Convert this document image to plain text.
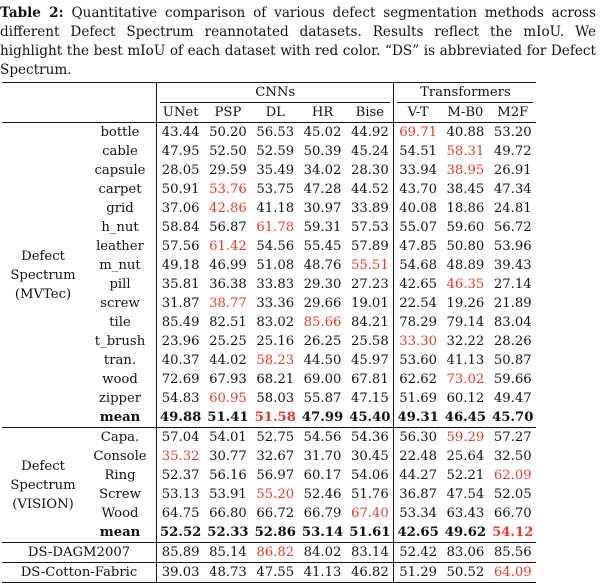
Table 2: Quantitative comparison of various defect segmentation methods across different Defect Spectrum reannotated datasets. Results reflect the mIoU. We highlight the best mIoU of each dataset with red color. “DS” is abbreviated for Defect Spectrum.

		CNNs					Transformers		

		UNet	PSP	DL	HR	Bise	V-T	M-B0	M2F

Defect
Spectrum
(MVTec)	bottle	43.44	50.20	56.53	45.02	44.92	69.71	40.88	53.20
	cable	47.95	52.50	52.59	50.39	45.24	54.51	58.31	49.72
	capsule	28.05	29.59	35.49	34.02	28.30	33.94	38.95	26.91
	carpet	50.91	53.76	53.75	47.28	44.52	43.70	38.45	47.34
	grid	37.06	42.86	41.18	30.97	33.89	40.08	18.86	24.81
	h_nut	58.84	56.87	61.78	59.31	57.53	55.07	59.60	56.72
	leather	57.56	61.42	54.56	55.45	57.89	47.85	50.80	53.96
	m_nut	49.18	46.99	51.08	48.76	55.51	54.68	48.89	39.43
	pill	35.81	36.38	33.83	29.30	27.23	42.65	46.35	27.14
	screw	31.87	38.77	33.36	29.66	19.01	22.54	19.26	21.89
	tile	85.49	82.51	83.02	85.66	84.21	78.29	79.14	83.04
	t_brush	23.96	25.25	25.16	26.25	25.58	33.30	32.22	28.26
	tran.	40.37	44.02	58.23	44.50	45.97	53.60	41.13	50.87
	wood	72.69	67.93	68.21	69.00	67.81	62.62	73.02	59.66
	zipper	54.83	60.95	58.03	55.87	47.15	51.69	60.12	49.47
	mean	49.88	51.41	51.58	47.99	45.40	49.31	46.45	45.70

Defect
Spectrum
(VISION)	Capa.	57.04	54.01	52.75	54.56	54.36	56.30	59.29	57.27
	Console	35.32	30.77	32.67	31.70	30.45	22.48	25.64	32.50
	Ring	52.37	56.16	56.97	60.17	54.06	44.27	52.21	62.09
	Screw	53.13	53.91	55.20	52.46	51.76	36.87	47.54	52.05
	Wood	64.75	66.80	66.72	66.79	67.40	53.34	63.43	66.70
	mean	52.52	52.33	52.86	53.14	51.61	42.65	49.62	54.12
DS-DAGM2007		85.89	85.14	86.82	84.02	83.14	52.42	83.06	85.56
DS-Cotton-Fabric		39.03	48.73	47.55	41.13	46.82	51.29	50.52	64.09
